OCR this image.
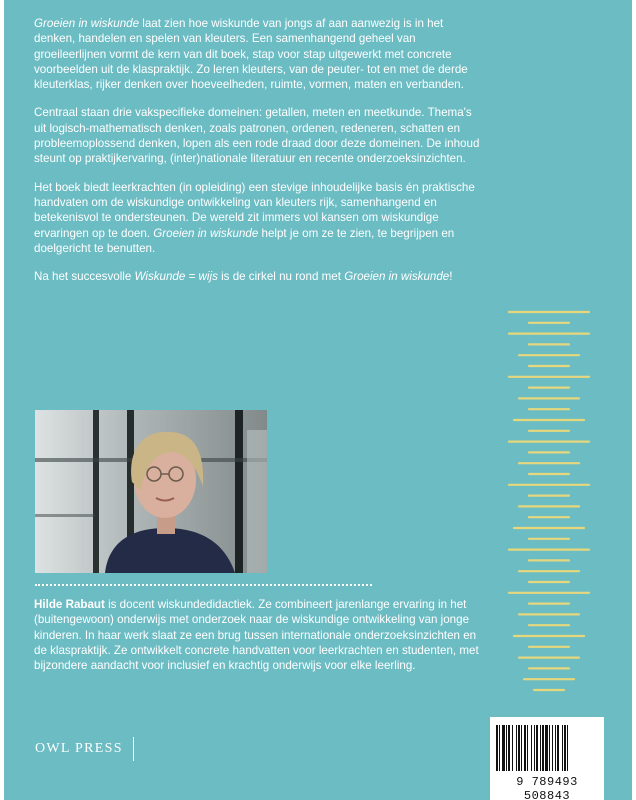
Groeien in wiskunde laat zien hoe wiskunde van jongs af aan aanwezig is in het denken, handelen en spelen van kleuters. Een samenhangend geheel van groeileerlijnen vormt de kern van dit boek, stap voor stap uitgewerkt met concrete voorbeelden uit de klaspraktijk. Zo leren kleuters, van de peuter- tot en met de derde kleuterklas, rijker denken over hoeveelheden, ruimte, vormen, maten en verbanden.

Centraal staan drie vakspecifieke domeinen: getallen, meten en meetkunde. Thema's uit logisch-mathematisch denken, zoals patronen, ordenen, redeneren, schatten en probleemoplossend denken, lopen als een rode draad door deze domeinen. De inhoud steunt op praktijkervaring, (inter)nationale literatuur en recente onderzoeksinzichten.

Het boek biedt leerkrachten (in opleiding) een stevige inhoudelijke basis én praktische handvaten om de wiskundige ontwikkeling van kleuters rijk, samenhangend en betekenisvol te ondersteunen. De wereld zit immers vol kansen om wiskundige ervaringen op te doen. Groeien in wiskunde helpt je om ze te zien, te begrijpen en doelgericht te benutten.

Na het succesvolle Wiskunde = wijs is de cirkel nu rond met Groeien in wiskunde!

Hilde Rabaut is docent wiskundedidactiek. Ze combineert jarenlange ervaring in het (buitengewoon) onderwijs met onderzoek naar de wiskundige ontwikkeling van jonge kinderen. In haar werk slaat ze een brug tussen internationale onderzoeksinzichten en de klaspraktijk. Ze ontwikkelt concrete handvatten voor leerkrachten en studenten, met bijzondere aandacht voor inclusief en krachtig onderwijs voor elke leerling.

OWL PRESS
9 789493 508843
